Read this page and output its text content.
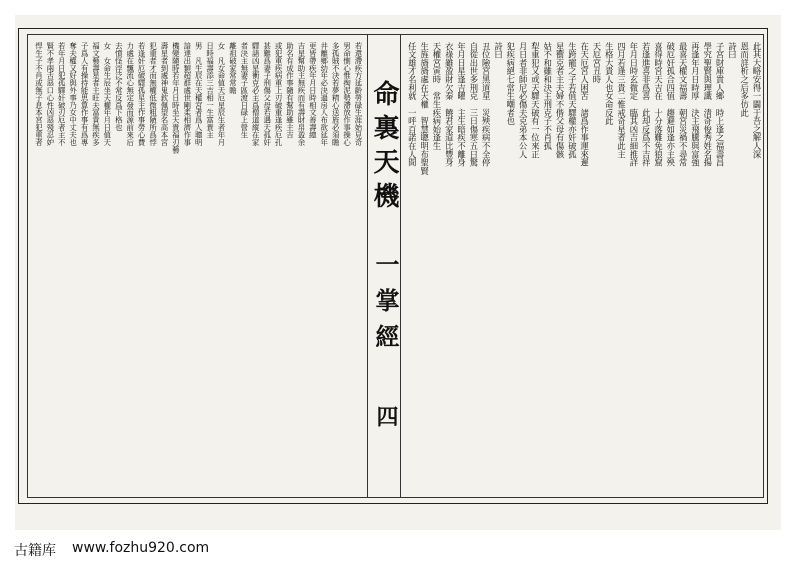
命裏天機
一掌經
四
若還滯疾方延齡勞碌生涯始見奇
男命惻心惟掏泥勢滯放作事操心
多孤賊不決若夢精心送旌必須瞻
井離鄉幼年必決過房人布欲延年
更皆帶疾年月日時相文善壽總
吉星幫助主無疾而有壽財帛盈余
助名有成作事隨有幫助雖主吉
或犯重疾病重上刃破重逢疾厄孔
甚難爲妻子刑傷父母若遇天孤奸
驛諸凶星衝克必主爲僧道縱在家
者決主無妻子區渡日碌上營生
離祖破家常常瞻
女　凡女命值天厄星辰生者年月
日時福壽添三吉相一生富貴主
男　凡生辰在天權宮者爲人聰明
諳達出類超群處世剛柔相濟作事
機變隨時若年月日時坐天貴福刃藝
壽星者到處神鬼欽佩望名高本宮
犯重者才而無權低微粗陋所爲悖
若逢奸厄破驛孤星主作事勞心費
力處在飄流心無定發而源前來后
去憤怪浮泛不常反爲下格也
女　女命生辰坐天權年月日值天
福文藝壽星者主旺夫富貴無疾多
子爲人有操持能思算作事有爲專
奪夫權又好與外事乃女中丈夫也
若年月日犯孤驛奸破刃厄者主不
賢不孝兩舌惡口心性凶惡殘忍妒
悍生子不肖或無子息本宮犯重者	此其大略安得一闢于吾之解人深
恩而詳析之后多仿此
詩曰
子宮財庫貴人鄉　時上逢之福壽昌
學究聖賢與理識　清奇俊秀姓名揚
再逢年月日時厚　決主飛騰與富強
最喜天權文福壽　朝宮災禍不尋常
破厄奸孤合四值　趨避如逢亦主殃
喜得時宮天吉在　十分落難免狼窟
若逢進喜非爲喜　此却反爲不吉祥
年月日時玄微定　臨其凶吉細推詳
四月若逢三貴二惟戒奇星者此主
生格大貴人也女命反此
天厄宮丑時
在天厄宮人困苦　諸爲作事運來遲
生跨寵之子若值天驛權亦奸破孤
星衝克者主夫婦不偕父母有傷骸
姑不和雖和決主刑克子不肖孤
犁重犯又或天驛天破有一位來正
月日者非師尼必傷夫克弟本公人
犯疾病絕七常生嘲者也
詩曰
丑位險宮黑道星　災殃疾病不全停
自從出世多刑克　三日傷寒五日驚
年月日星逢吉曜　主生暗疾不離身
衣祿雖盈財欠秦　饒君家道比豐身
天權宮寅時　常生疾病始逢生
生旌旖旖處在天權　智慧聰明布聖賢
任文雄才名利就　一呼百諾在人間
古籍库 www.fozhu920.com
